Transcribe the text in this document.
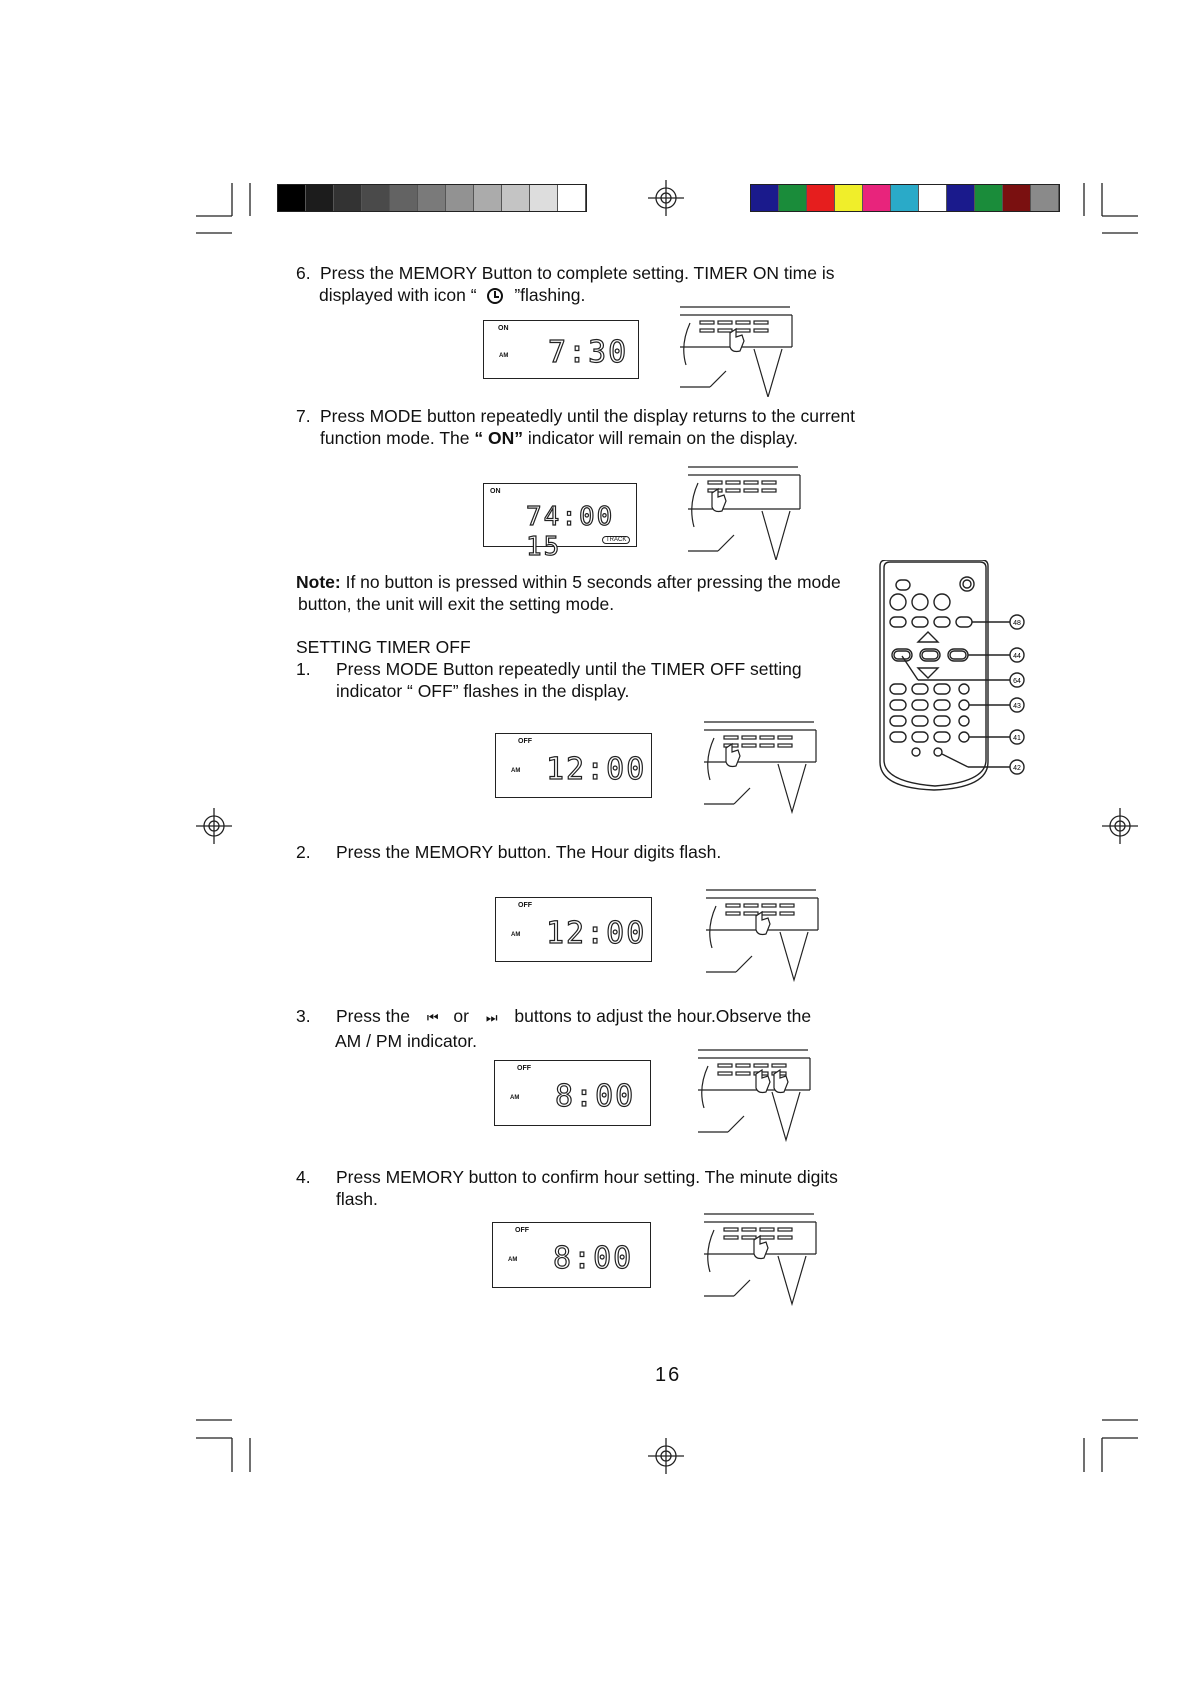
6. Press the MEMORY Button to complete setting. TIMER ON time is
displayed with icon “ ”flashing.
ON
AM 7:30
7. Press MODE button repeatedly until the display returns to the current
function mode. The “ ON” indicator will remain on the display.
ON
74:00 15	TRACK
Note: If no button is pressed within 5 seconds after pressing the mode
button, the unit will exit the setting mode.
SETTING TIMER OFF
1. Press MODE Button repeatedly until the TIMER OFF setting
indicator “ OFF” flashes in the display.
OFF
AM 12:00
2. Press the MEMORY button. The Hour digits flash.
OFF
AM 12:00
3. Press the ⏮ or ⏭ buttons to adjust the hour.Observe the
AM / PM indicator.
OFF
AM 8:00
4. Press MEMORY button to confirm hour setting. The minute digits
flash.
OFF
AM 8:00
48
44
64
43
41
42
16
